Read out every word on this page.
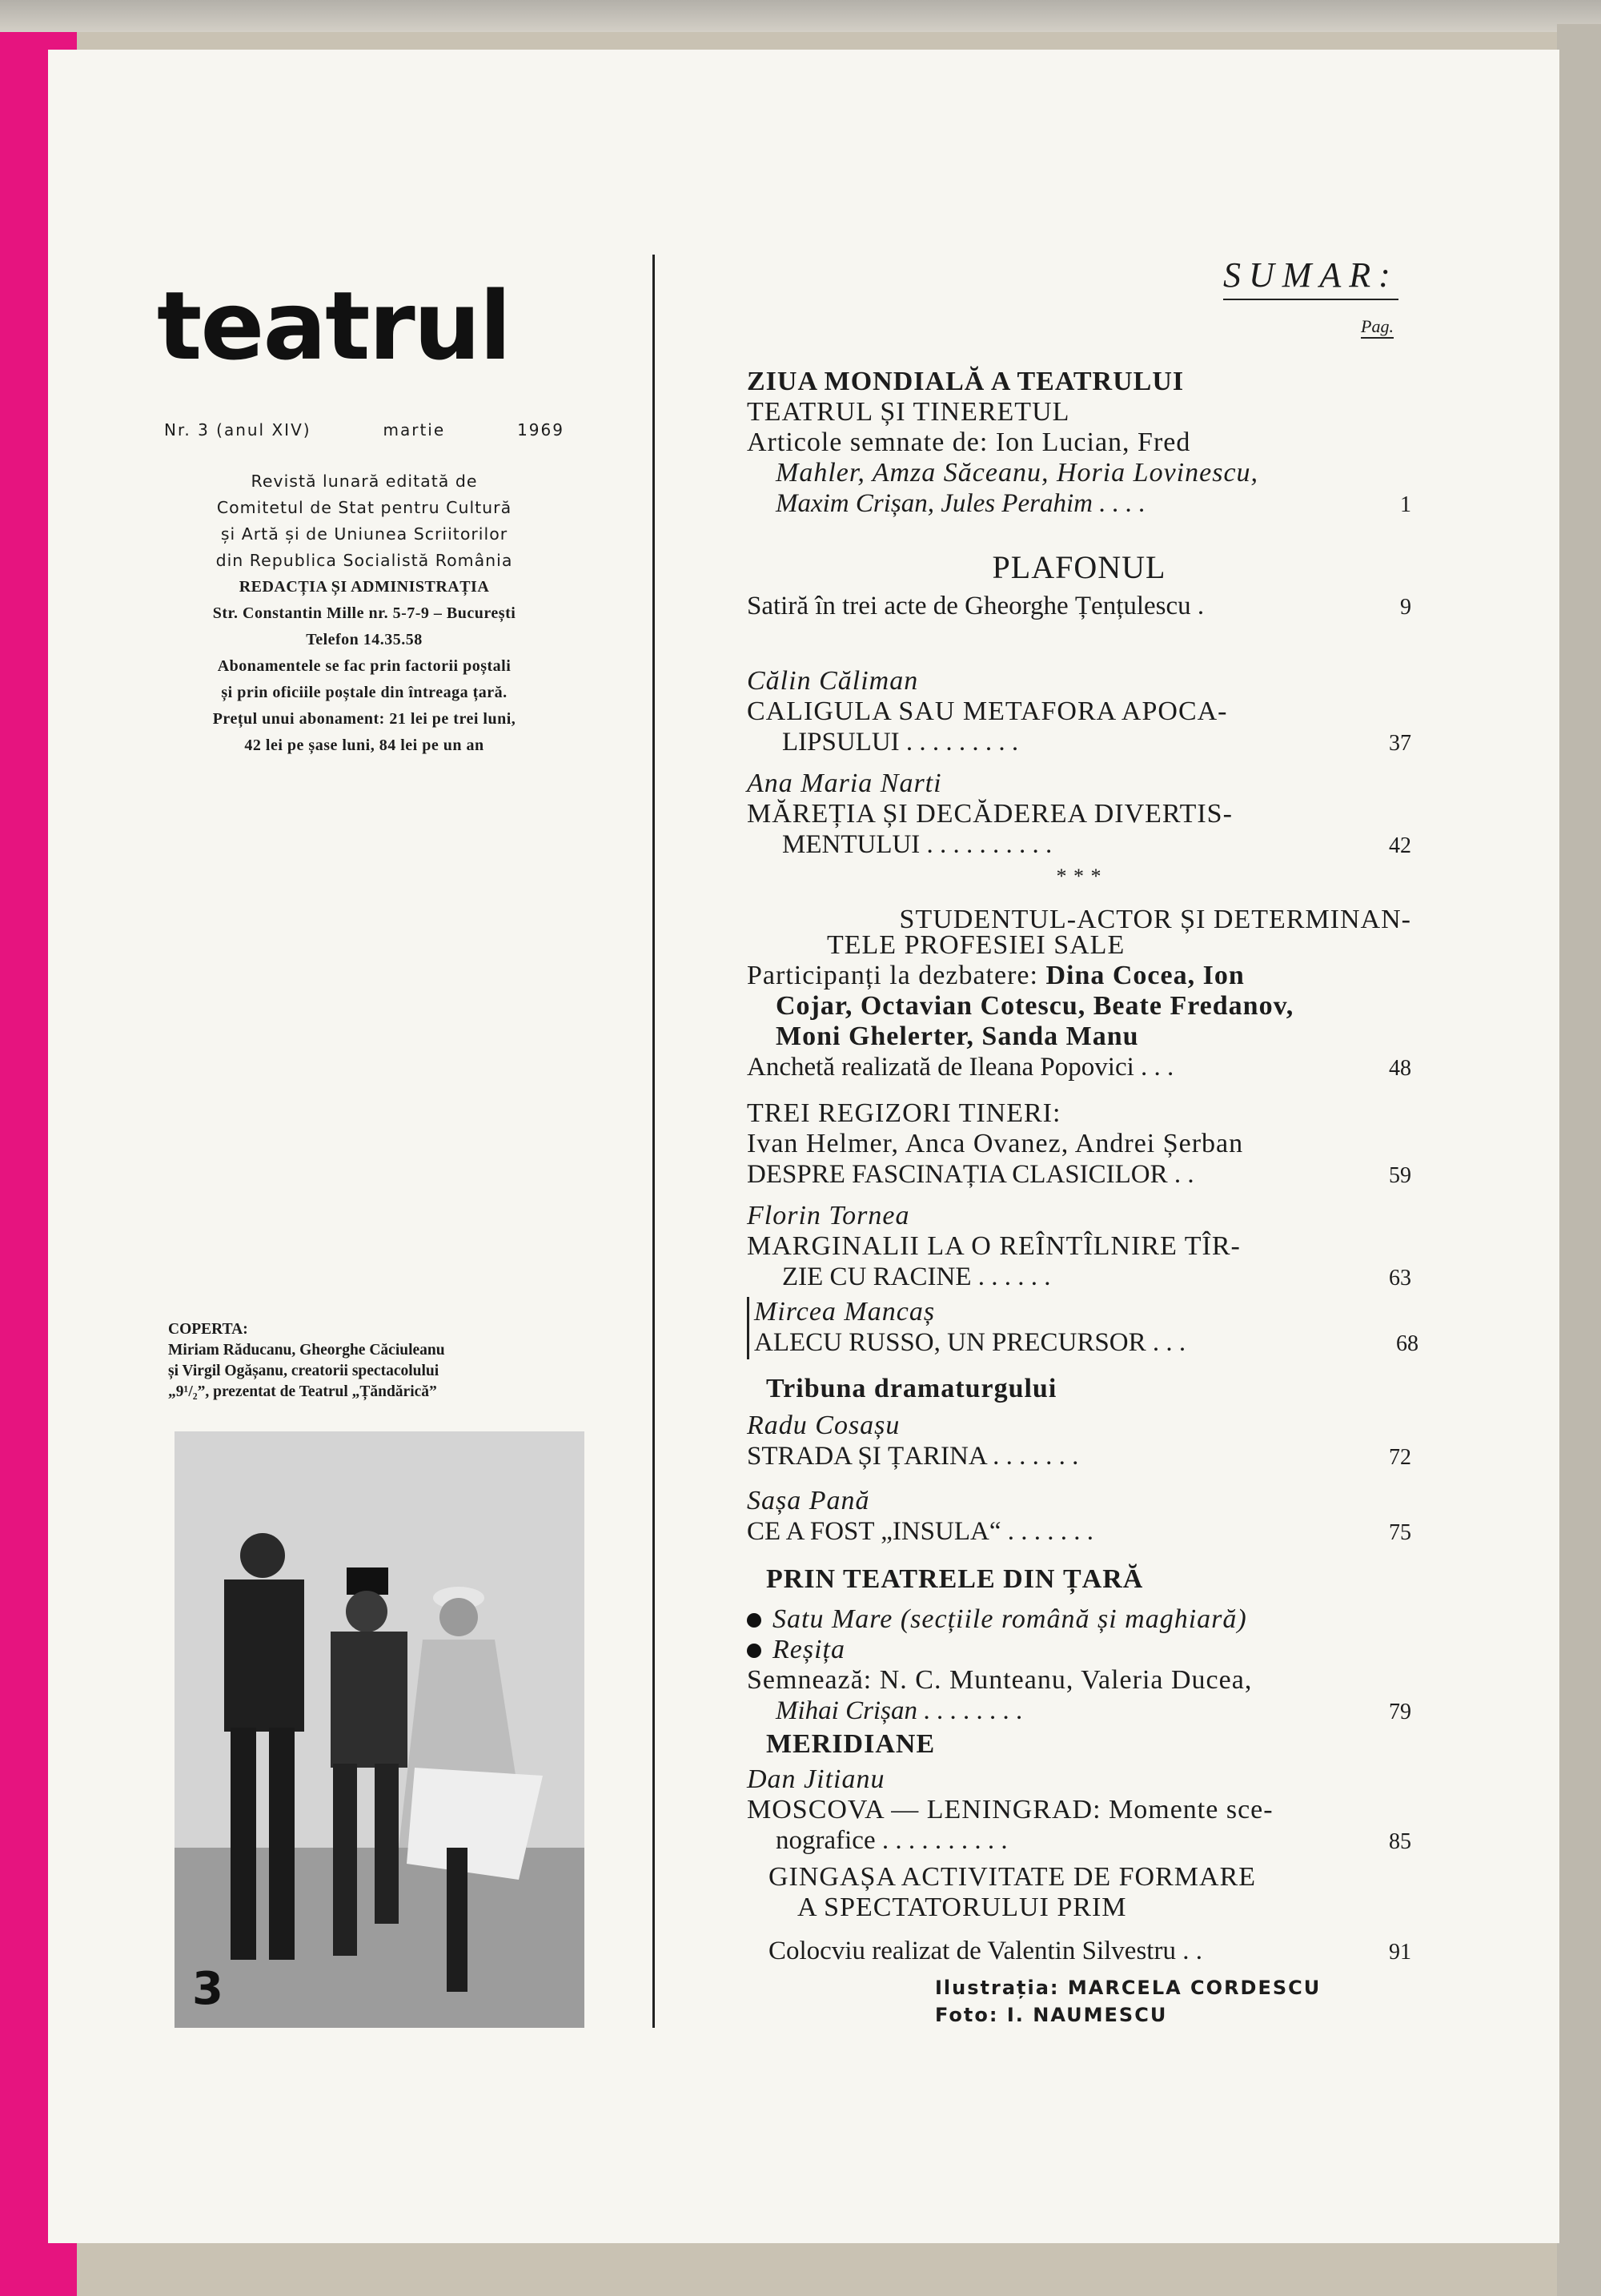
teatrul
Nr. 3 (anul XIV)	martie	1969
Revistă lunară editată de
Comitetul de Stat pentru Cultură
și Artă și de Uniunea Scriitorilor
din Republica Socialistă România
REDACȚIA ȘI ADMINISTRAȚIA
Str. Constantin Mille nr. 5-7-9 – București
Telefon 14.35.58
Abonamentele se fac prin factorii poștali
și prin oficiile poștale din întreaga țară.
Prețul unui abonament: 21 lei pe trei luni,
42 lei pe șase luni, 84 lei pe un an
COPERTA:
Miriam Răducanu, Gheorghe Căciuleanu
și Virgil Ogășanu, creatorii spectacolului
„9¹/₂”, prezentat de Teatrul „Țăndărică”
3
SUMAR:
Pag.
ZIUA MONDIALĂ A TEATRULUI
TEATRUL ȘI TINERETUL
Articole semnate de: Ion Lucian, Fred
Mahler, Amza Săceanu, Horia Lovinescu,
Maxim Crișan, Jules Perahim . . . .	1
PLAFONUL
Satiră în trei acte de Gheorghe Țențulescu .	9
Călin Căliman
CALIGULA SAU METAFORA APOCA-
LIPSULUI . . . . . . . . .	37
Ana Maria Narti
MĂREȚIA ȘI DECĂDEREA DIVERTIS-
MENTULUI . . . . . . . . . .	42
* * *
STUDENTUL-ACTOR ȘI DETERMINAN-
TELE PROFESIEI SALE
Participanți la dezbatere: Dina Cocea, Ion
Cojar, Octavian Cotescu, Beate Fredanov,
Moni Ghelerter, Sanda Manu
Anchetă realizată de Ileana Popovici . . .	48
TREI REGIZORI TINERI:
Ivan Helmer, Anca Ovanez, Andrei Șerban
DESPRE FASCINAȚIA CLASICILOR . .	59
Florin Tornea
MARGINALII LA O REÎNTÎLNIRE TÎR-
ZIE CU RACINE . . . . . .	63
Mircea Mancaș
ALECU RUSSO, UN PRECURSOR . . .	68
Tribuna dramaturgului
Radu Cosașu
STRADA ȘI ȚARINA . . . . . . .	72
Sașa Pană
CE A FOST „INSULA“ . . . . . . .	75
PRIN TEATRELE DIN ȚARĂ
Satu Mare (secțiile română și maghiară)
Reșița
Semnează: N. C. Munteanu, Valeria Ducea,
Mihai Crișan . . . . . . . .	79
MERIDIANE
Dan Jitianu
MOSCOVA — LENINGRAD: Momente sce-
nografice . . . . . . . . . .	85
GINGAȘA ACTIVITATE DE FORMARE
A SPECTATORULUI PRIM
Colocviu realizat de Valentin Silvestru . .	91
Ilustrația: MARCELA CORDESCU
Foto: I. NAUMESCU
